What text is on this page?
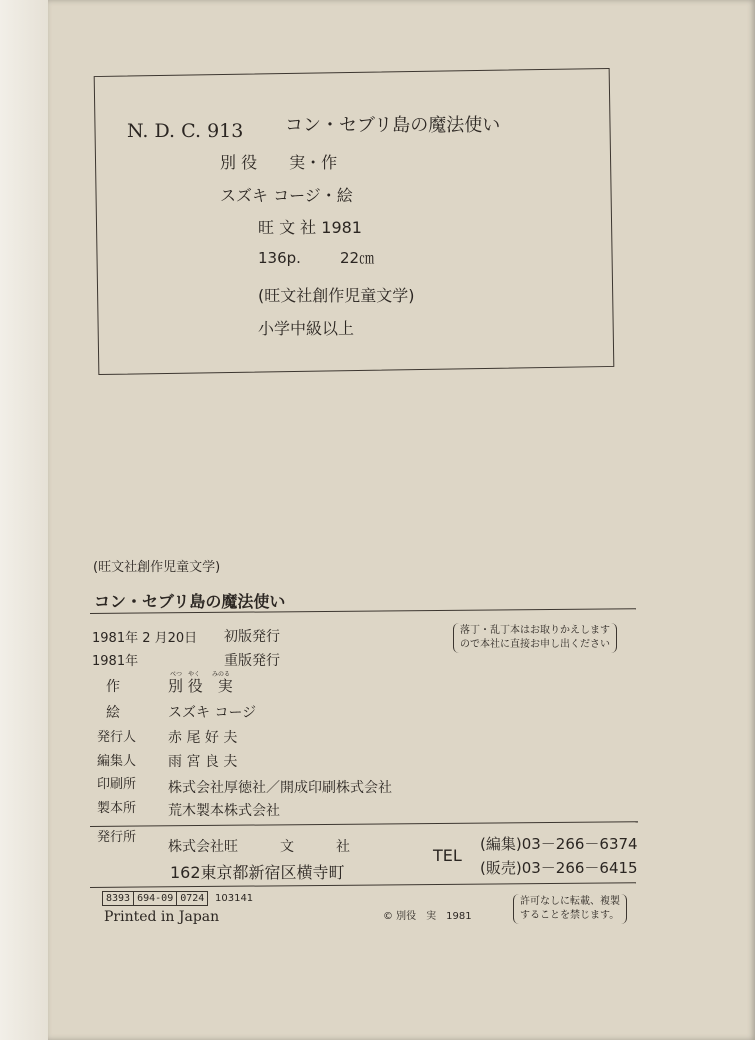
N. D. C. 913 コン・セブリ島の魔法使い
別 役　　実・作
スズキ コージ・絵
旺 文 社 1981
136p.	22㎝
(旺文社創作児童文学)
小学中級以上
(旺文社創作児童文学)
コン・セブリ島の魔法使い
1981年 2 月20日 初版発行
1981年	重版発行
落丁・乱丁本はお取りかえします
ので本社に直接お申し出ください
べつ　やく　　みのる
作	別 役　実
絵	スズキ コージ
発行人 赤 尾 好 夫
編集人 雨 宮 良 夫
印刷所 株式会社厚徳社／開成印刷株式会社
製本所 荒木製本株式会社
発行所
株式会社旺　　　文　　　社
162東京都新宿区横寺町
TEL
(編集)03－266－6374
(販売)03－266－6415
8393 694-09 0724	103141
Printed in Japan	© 別役　実　1981
許可なしに転載、複製
することを禁じます。
